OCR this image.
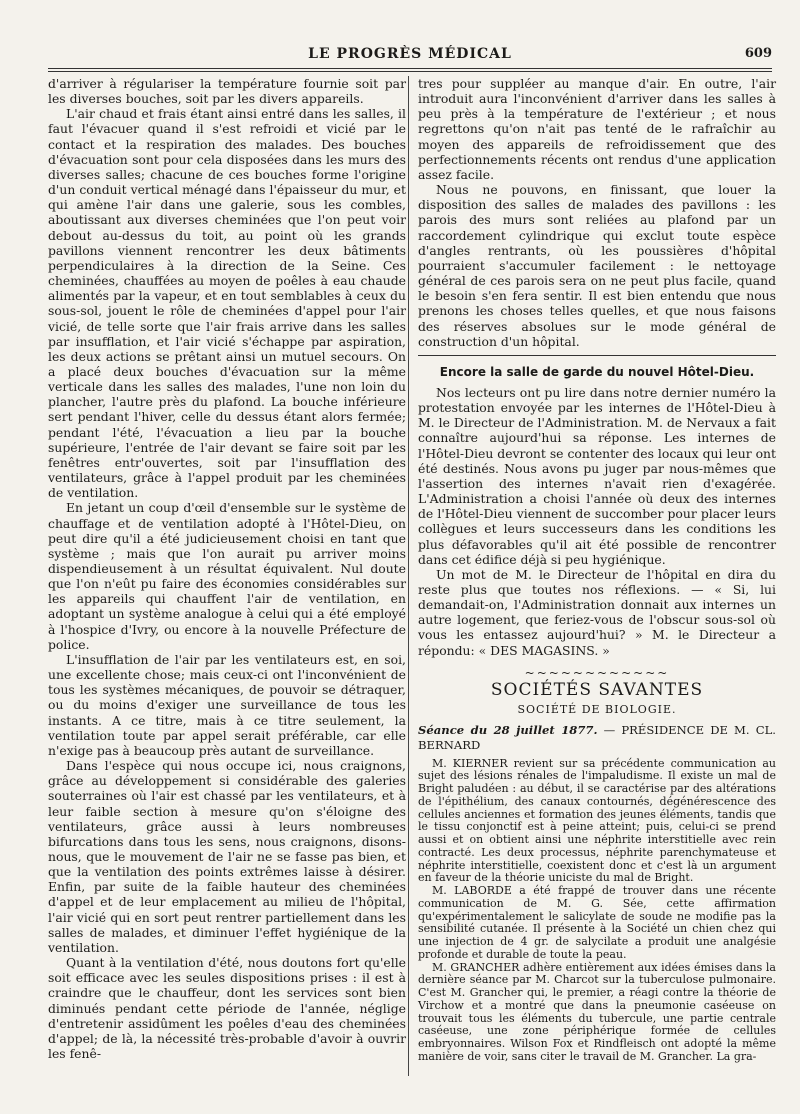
LE PROGRÈS MÉDICAL	609

d'arriver à régulariser la température fournie soit par les diverses bouches, soit par les divers appareils.

L'air chaud et frais étant ainsi entré dans les salles, il faut l'évacuer quand il s'est refroidi et vicié par le contact et la respiration des malades. Des bouches d'évacuation sont pour cela disposées dans les murs des diverses salles; chacune de ces bouches forme l'origine d'un conduit vertical ménagé dans l'épaisseur du mur, et qui amène l'air dans une galerie, sous les combles, aboutissant aux diverses cheminées que l'on peut voir debout au-dessus du toit, au point où les grands pavillons viennent rencontrer les deux bâtiments perpendiculaires à la direction de la Seine. Ces cheminées, chauffées au moyen de poêles à eau chaude alimentés par la vapeur, et en tout semblables à ceux du sous-sol, jouent le rôle de cheminées d'appel pour l'air vicié, de telle sorte que l'air frais arrive dans les salles par insufflation, et l'air vicié s'échappe par aspiration, les deux actions se prêtant ainsi un mutuel secours. On a placé deux bouches d'évacuation sur la même verticale dans les salles des malades, l'une non loin du plancher, l'autre près du plafond. La bouche inférieure sert pendant l'hiver, celle du dessus étant alors fermée; pendant l'été, l'évacuation a lieu par la bouche supérieure, l'entrée de l'air devant se faire soit par les fenêtres entr'ouvertes, soit par l'insufflation des ventilateurs, grâce à l'appel produit par les cheminées de ventilation.

En jetant un coup d'œil d'ensemble sur le système de chauffage et de ventilation adopté à l'Hôtel-Dieu, on peut dire qu'il a été judicieusement choisi en tant que système ; mais que l'on aurait pu arriver moins dispendieusement à un résultat équivalent. Nul doute que l'on n'eût pu faire des économies considérables sur les appareils qui chauffent l'air de ventilation, en adoptant un système analogue à celui qui a été employé à l'hospice d'Ivry, ou encore à la nouvelle Préfecture de police.

L'insufflation de l'air par les ventilateurs est, en soi, une excellente chose; mais ceux-ci ont l'inconvénient de tous les systèmes mécaniques, de pouvoir se détraquer, ou du moins d'exiger une surveillance de tous les instants. A ce titre, mais à ce titre seulement, la ventilation toute par appel serait préférable, car elle n'exige pas à beaucoup près autant de surveillance.

Dans l'espèce qui nous occupe ici, nous craignons, grâce au développement si considérable des galeries souterraines où l'air est chassé par les ventilateurs, et à leur faible section à mesure qu'on s'éloigne des ventilateurs, grâce aussi à leurs nombreuses bifurcations dans tous les sens, nous craignons, disons-nous, que le mouvement de l'air ne se fasse pas bien, et que la ventilation des points extrêmes laisse à désirer. Enfin, par suite de la faible hauteur des cheminées d'appel et de leur emplacement au milieu de l'hôpital, l'air vicié qui en sort peut rentrer partiellement dans les salles de malades, et diminuer l'effet hygiénique de la ventilation.

Quant à la ventilation d'été, nous doutons fort qu'elle soit efficace avec les seules dispositions prises : il est à craindre que le chauffeur, dont les services sont bien diminués pendant cette période de l'année, néglige d'entretenir assidûment les poêles d'eau des cheminées d'appel; de là, la nécessité très-probable d'avoir à ouvrir les fenê-

tres pour suppléer au manque d'air. En outre, l'air introduit aura l'inconvénient d'arriver dans les salles à peu près à la température de l'extérieur ; et nous regrettons qu'on n'ait pas tenté de le rafraîchir au moyen des appareils de refroidissement que des perfectionnements récents ont rendus d'une application assez facile.

Nous ne pouvons, en finissant, que louer la disposition des salles de malades des pavillons : les parois des murs sont reliées au plafond par un raccordement cylindrique qui exclut toute espèce d'angles rentrants, où les poussières d'hôpital pourraient s'accumuler facilement : le nettoyage général de ces parois sera on ne peut plus facile, quand le besoin s'en fera sentir. Il est bien entendu que nous prenons les choses telles quelles, et que nous faisons des réserves absolues sur le mode général de construction d'un hôpital.

Encore la salle de garde du nouvel Hôtel-Dieu.

Nos lecteurs ont pu lire dans notre dernier numéro la protestation envoyée par les internes de l'Hôtel-Dieu à M. le Directeur de l'Administration. M. de Nervaux a fait connaître aujourd'hui sa réponse. Les internes de l'Hôtel-Dieu devront se contenter des locaux qui leur ont été destinés. Nous avons pu juger par nous-mêmes que l'assertion des internes n'avait rien d'exagérée. L'Administration a choisi l'année où deux des internes de l'Hôtel-Dieu viennent de succomber pour placer leurs collègues et leurs successeurs dans les conditions les plus défavorables qu'il ait été possible de rencontrer dans cet édifice déjà si peu hygiénique.

Un mot de M. le Directeur de l'hôpital en dira du reste plus que toutes nos réflexions. — « Si, lui demandait-on, l'Administration donnait aux internes un autre logement, que feriez-vous de l'obscur sous-sol où vous les entassez aujourd'hui? » M. le Directeur a répondu: « DES MAGASINS. »

~~~~~~~~~~~~
SOCIÉTÉS SAVANTES
SOCIÉTÉ DE BIOLOGIE.

Séance du 28 juillet 1877. — PRÉSIDENCE DE M. CL. BERNARD

M. KIERNER revient sur sa précédente communication au sujet des lésions rénales de l'impaludisme. Il existe un mal de Bright paludéen : au début, il se caractérise par des altérations de l'épithélium, des canaux contournés, dégénérescence des cellules anciennes et formation des jeunes éléments, tandis que le tissu conjonctif est à peine atteint; puis, celui-ci se prend aussi et on obtient ainsi une néphrite interstitielle avec rein contracté. Les deux processus, néphrite parenchymateuse et néphrite interstitielle, coexistent donc et c'est là un argument en faveur de la théorie uniciste du mal de Bright.

M. LABORDE a été frappé de trouver dans une récente communication de M. G. Sée, cette affirmation qu'expérimentalement le salicylate de soude ne modifie pas la sensibilité cutanée. Il présente à la Société un chien chez qui une injection de 4 gr. de salycilate a produit une analgésie profonde et durable de toute la peau.

M. GRANCHER adhère entièrement aux idées émises dans la dernière séance par M. Charcot sur la tuberculose pulmonaire. C'est M. Grancher qui, le premier, a réagi contre la théorie de Virchow et a montré que dans la pneumonie caséeuse on trouvait tous les éléments du tubercule, une partie centrale caséeuse, une zone périphérique formée de cellules embryonnaires. Wilson Fox et Rindfleisch ont adopté la même manière de voir, sans citer le travail de M. Grancher. La gra-
